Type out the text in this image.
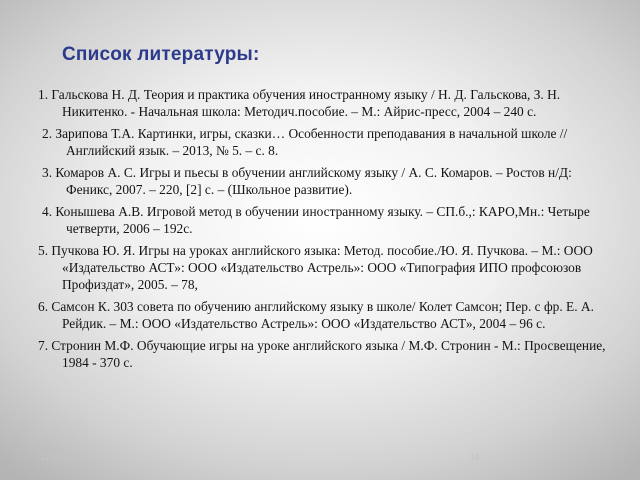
Список литературы:
1. Гальскова Н. Д. Теория и практика обучения иностранному языку / Н. Д. Гальскова, З. Н. Никитенко. - Начальная школа: Методич.пособие. – М.: Айрис-пресс, 2004 – 240 с.
2. Зарипова Т.А. Картинки, игры, сказки… Особенности преподавания в начальной школе // Английский язык. – 2013, № 5. – с. 8.
3. Комаров А. С. Игры и пьесы в обучении английскому языку / А. С. Комаров. – Ростов н/Д: Феникс, 2007. – 220, [2] с. – (Школьное развитие).
4. Конышева А.В. Игровой метод в обучении иностранному языку. – СП.б.,: КАРО,Мн.: Четыре четверти, 2006 – 192с.
5. Пучкова Ю. Я. Игры на уроках английского языка: Метод. пособие./Ю. Я. Пучкова. – М.: ООО «Издательство АСТ»: ООО «Издательство Астрель»: ООО «Типография ИПО профсоюзов Профиздат», 2005. – 78,
6. Самсон К. 303 совета по обучению английскому языку в школе/ Колет Самсон; Пер. с фр. Е. А. Рейдик. – М.: ООО «Издательство Астрель»: ООО «Издательство АСТ», 2004 – 96 с.
7. Стронин М.Ф. Обучающие игры на уроке английского языка / М.Ф. Стронин - М.: Просвещение, 1984 - 370 с.
12.03.2015	16
